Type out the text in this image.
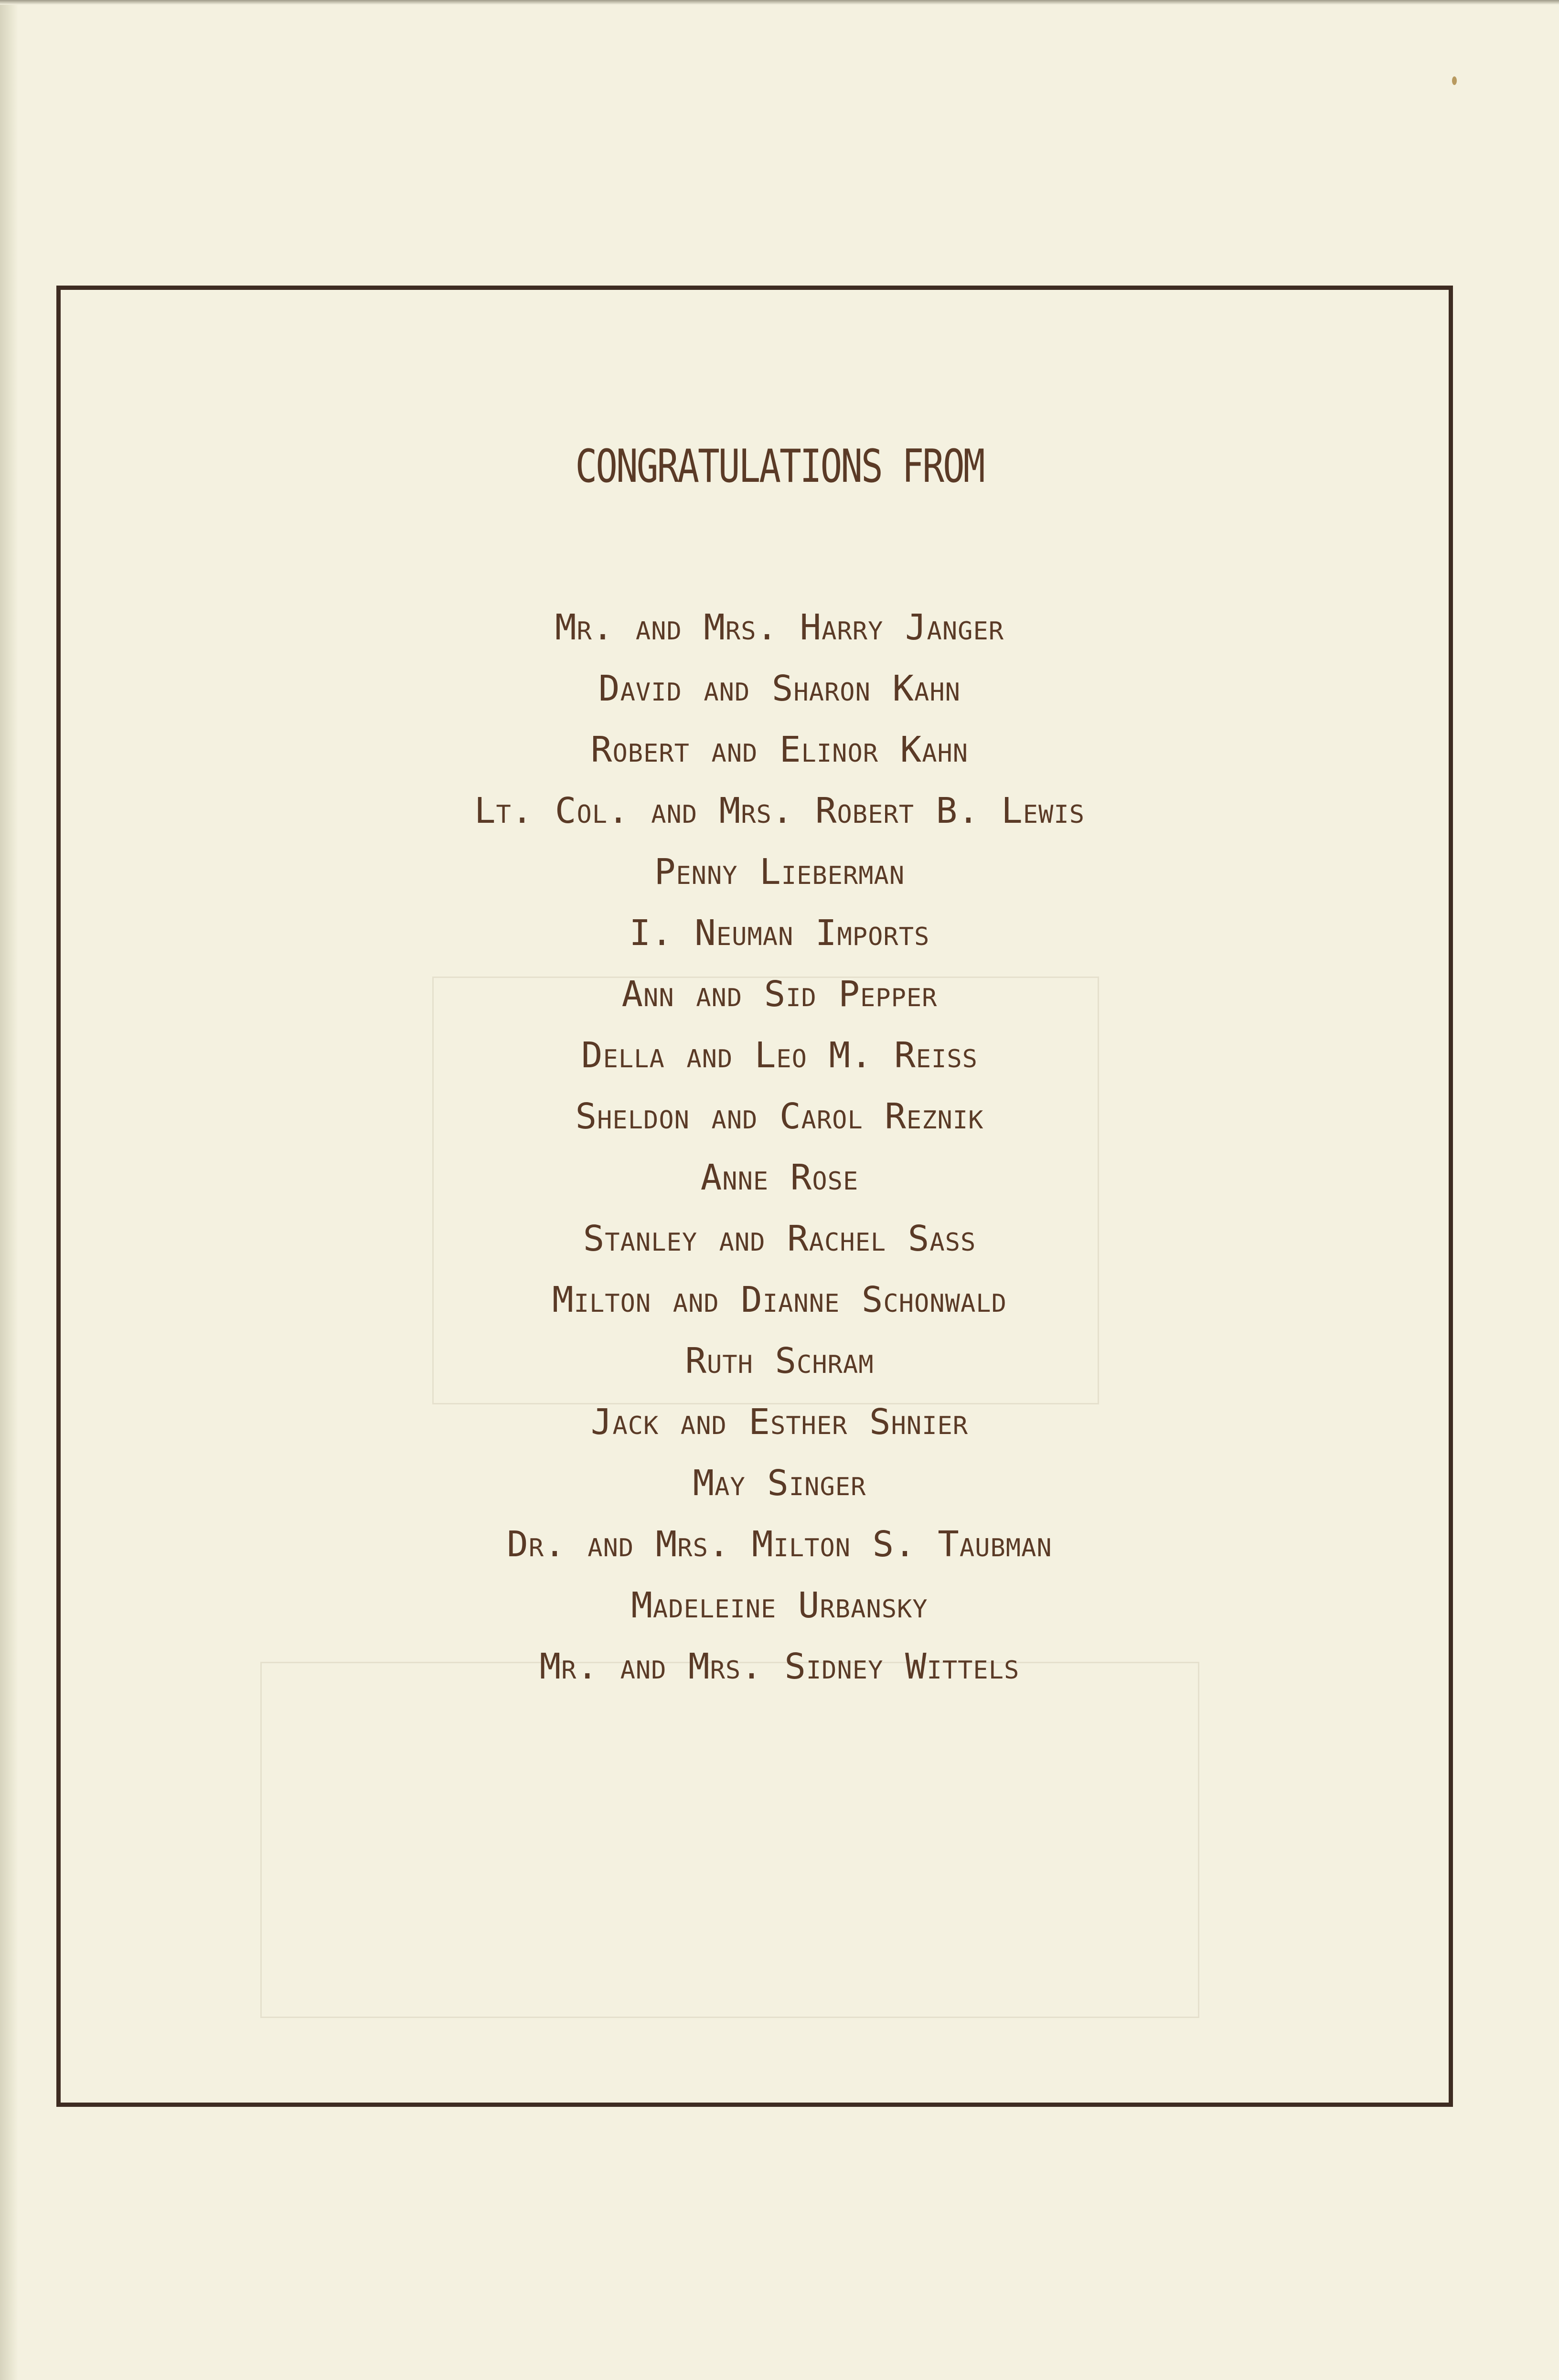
CONGRATULATIONS FROM
Mr. and Mrs. Harry Janger
David and Sharon Kahn
Robert and Elinor Kahn
Lt. Col. and Mrs. Robert B. Lewis
Penny Lieberman
I. Neuman Imports
Ann and Sid Pepper
Della and Leo M. Reiss
Sheldon and Carol Reznik
Anne Rose
Stanley and Rachel Sass
Milton and Dianne Schonwald
Ruth Schram
Jack and Esther Shnier
May Singer
Dr. and Mrs. Milton S. Taubman
Madeleine Urbansky
Mr. and Mrs. Sidney Wittels
